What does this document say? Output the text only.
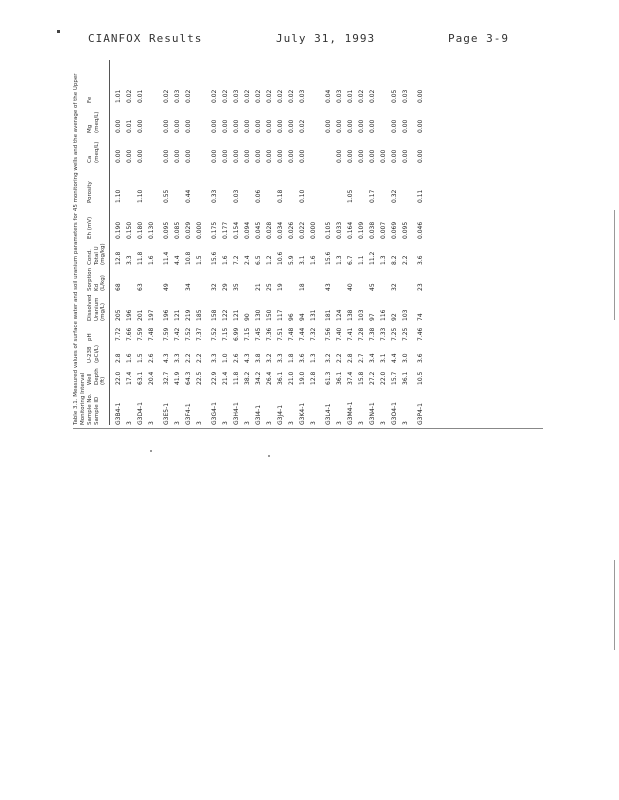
CIANFOX Results	July 31, 1993	Page 3-9
Table 3.1. Measured values of surface water and soil uranium parameters for 45 monitoring wells and the average of the Upper Monitoring Interval Sample No. Sample ID
Well Depth (ft)
U-238 (pCi/L)
pH
Dissolved Uranium (mg/L)
Sorption Kd (L/kg)
Cond. Total U (mg/kg)
Eh (mV)
Porosity
Ca (meq/L)
Mg (meq/L)
Fe
G3B4-1
22.0
2.8
7.72
205
68
12.8
0.190
1.10
0.00
0.00
1.01
3
17.4
1.6
7.66
196
3.3
0.150
0.00
0.01
0.02
G3D4-1
63.1
1.5
7.59
201
63
11.8
0.180
1.10
0.00
0.00
0.01
3
20.4
2.6
7.48
197
1.6
0.130
G3E5-1
32.7
4.3
7.59
196
49
11.4
0.095
0.55
0.00
0.00
0.02
3
41.9
3.3
7.42
121
4.4
0.085
0.00
0.00
0.03
G3F4-1
64.3
2.2
7.52
219
34
10.8
0.029
0.44
0.00
0.00
0.02
3
22.5
2.2
7.37
185
1.5
0.000
G3G4-1
22.9
3.3
7.52
158
32
15.6
0.175
0.33
0.00
0.00
0.02
3
21.4
1.0
7.15
122
29
1.6
0.177
0.00
0.00
0.02
G3H4-1
11.8
2.6
6.99
121
35
7.2
0.154
0.03
0.00
0.00
0.03
3
38.2
4.3
7.15
90
2.4
0.094
0.00
0.00
0.02
G3I4-1
34.2
3.8
7.45
130
21
6.5
0.045
0.06
0.00
0.00
0.02
3
26.4
3.2
7.36
150
25
1.2
0.028
0.00
0.00
0.02
G3J4-1
36.1
3.3
7.51
117
19
10.6
0.034
0.18
0.00
0.00
0.02
3
21.0
1.8
7.48
96
5.9
0.026
0.00
0.00
0.02
G3K4-1
19.0
3.6
7.44
94
18
3.1
0.022
0.10
0.00
0.02
0.03
3
12.8
1.3
7.32
131
1.6
0.000
G3L4-1
61.3
3.2
7.56
181
43
15.6
0.105
0.00
0.04
3
36.1
2.2
7.40
124
1.3
0.033
0.00
0.00
0.03
G3M4-1
37.4
2.8
7.41
138
40
6.7
0.164
1.05
0.00
0.00
0.01
3
15.8
2.7
7.28
103
1.1
0.109
0.00
0.00
0.02
G3N4-1
27.2
3.4
7.38
97
45
11.2
0.038
0.17
0.00
0.00
0.02
3
22.0
3.1
7.33
116
1.3
0.007
0.00
G3O4-1
15.7
4.4
7.25
92
32
8.2
0.069
0.32
0.00
0.00
0.05
3
36.1
3.0
7.25
103
2.2
0.095
0.00
0.00
0.03
G3P4-1
10.5
3.6
7.46
74
23
3.6
0.046
0.11
0.00
0.00
0.00
